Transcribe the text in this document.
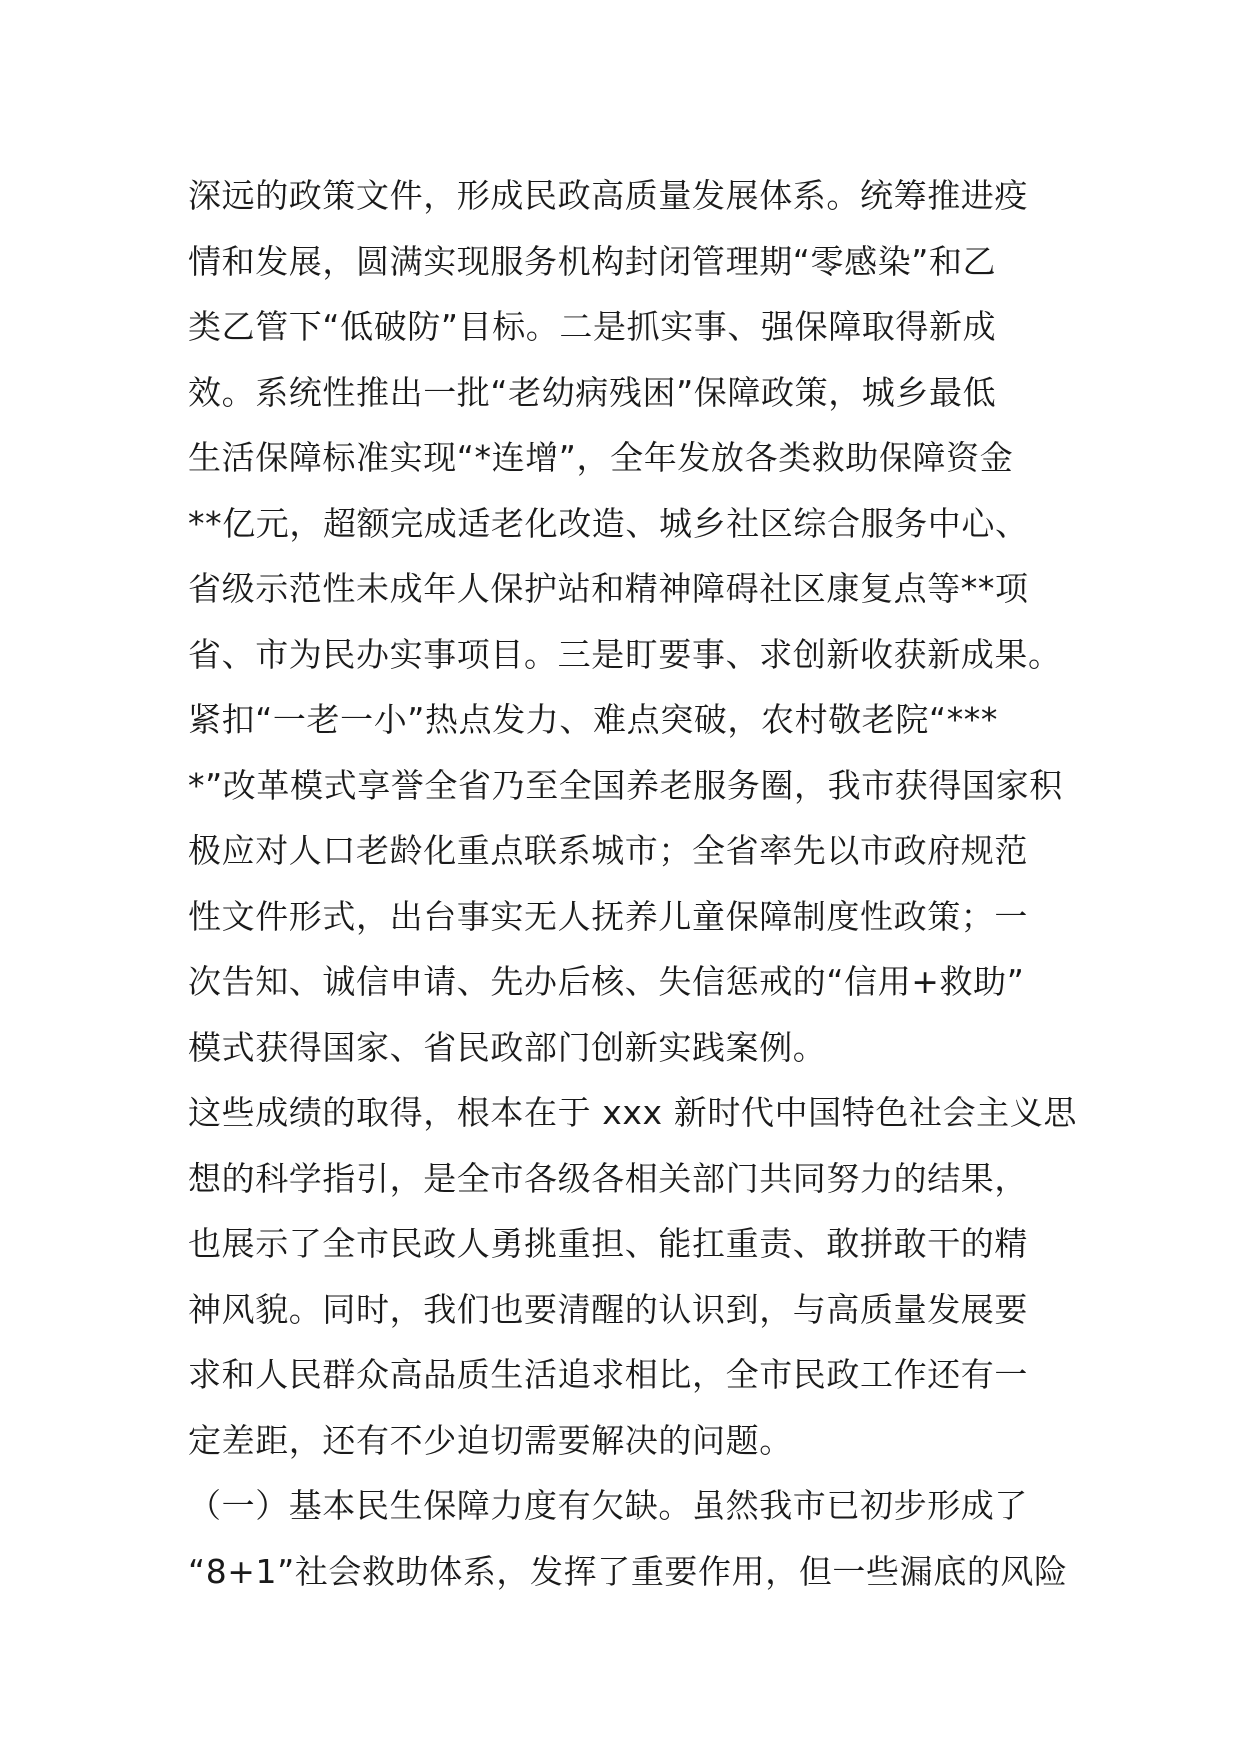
深远的政策文件，形成民政高质量发展体系。统筹推进疫
情和发展，圆满实现服务机构封闭管理期“零感染”和乙
类乙管下“低破防”目标。二是抓实事、强保障取得新成
效。系统性推出一批“老幼病残困”保障政策，城乡最低
生活保障标准实现“*连增”，全年发放各类救助保障资金
**亿元，超额完成适老化改造、城乡社区综合服务中心、
省级示范性未成年人保护站和精神障碍社区康复点等**项
省、市为民办实事项目。三是盯要事、求创新收获新成果。
紧扣“一老一小”热点发力、难点突破，农村敬老院“***
*”改革模式享誉全省乃至全国养老服务圈，我市获得国家积
极应对人口老龄化重点联系城市；全省率先以市政府规范
性文件形式，出台事实无人抚养儿童保障制度性政策；一
次告知、诚信申请、先办后核、失信惩戒的“信用+救助”
模式获得国家、省民政部门创新实践案例。
这些成绩的取得，根本在于 xxx 新时代中国特色社会主义思
想的科学指引，是全市各级各相关部门共同努力的结果，
也展示了全市民政人勇挑重担、能扛重责、敢拼敢干的精
神风貌。同时，我们也要清醒的认识到，与高质量发展要
求和人民群众高品质生活追求相比，全市民政工作还有一
定差距，还有不少迫切需要解决的问题。
（一）基本民生保障力度有欠缺。虽然我市已初步形成了
“8+1”社会救助体系，发挥了重要作用，但一些漏底的风险
